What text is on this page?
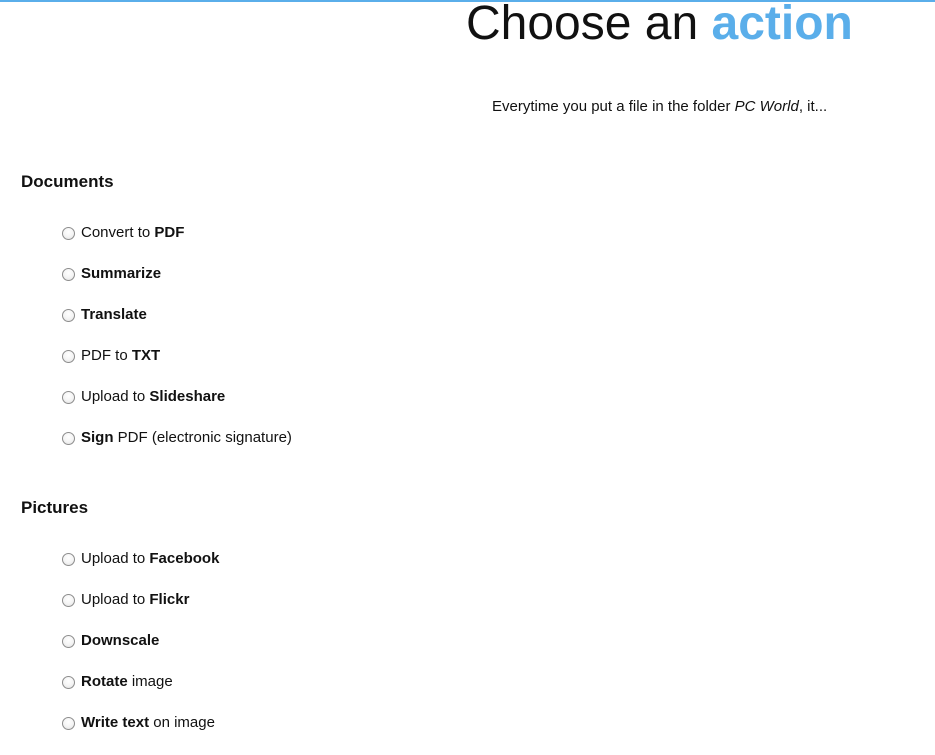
Choose an action

Everytime you put a file in the folder PC World, it...

Documents
Convert to PDF
Summarize
Translate
PDF to TXT
Upload to Slideshare
Sign PDF (electronic signature)
Pictures
Upload to Facebook
Upload to Flickr
Downscale
Rotate image
Write text on image
